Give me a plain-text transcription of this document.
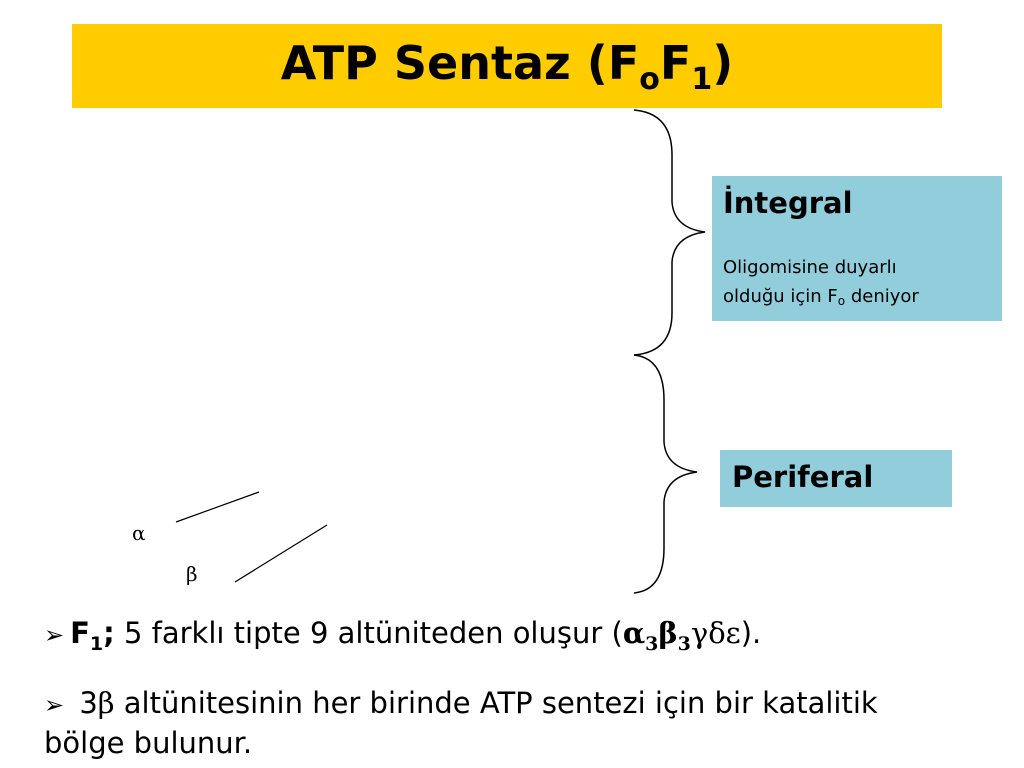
ATP Sentaz $(F_oF_1)$
α
β
İntegral
Oligomisine duyarlı
olduğu için $F_o$ deniyor
Periferal
➢ $F_1$; 5 farklı tipte 9 altüniteden oluşur $(\alpha_3\beta_3\gamma\delta\varepsilon)$.
➢ 3β altünitesinin her birinde ATP sentezi için bir katalitik
bölge bulunur.
